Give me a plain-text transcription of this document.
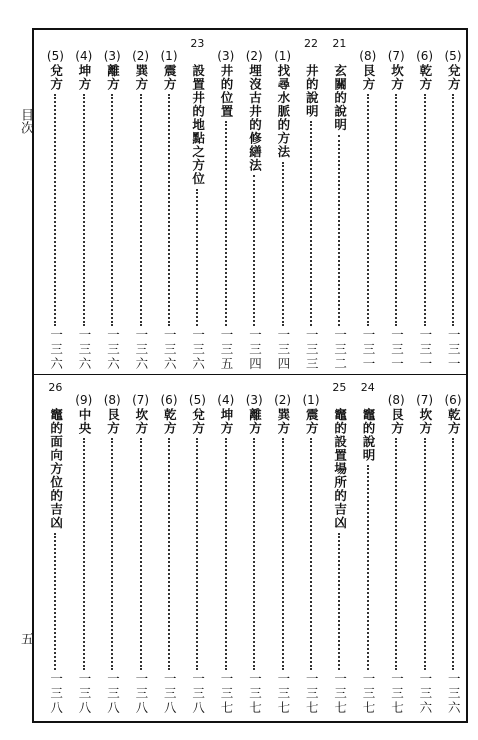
目次
五
(5)
兌方
一三一
(6)
乾方
一三一
(7)
坎方
一三一
(8)
艮方
一三一
21
玄關的說明
一三二
22
井的說明
一三三
(1)
找尋水脈的方法
一三四
(2)
埋沒古井的修繕法
一三四
(3)
井的位置
一三五
23
設置井的地點之方位
一三六
(1)
震方
一三六
(2)
巽方
一三六
(3)
離方
一三六
(4)
坤方
一三六
(5)
兌方
一三六
(6)
乾方
一三六
(7)
坎方
一三六
(8)
艮方
一三七
24
竈的說明
一三七
25
竈的設置場所的吉凶
一三七
(1)
震方
一三七
(2)
巽方
一三七
(3)
離方
一三七
(4)
坤方
一三七
(5)
兌方
一三八
(6)
乾方
一三八
(7)
坎方
一三八
(8)
艮方
一三八
(9)
中央
一三八
26
竈的面向方位的吉凶
一三八
